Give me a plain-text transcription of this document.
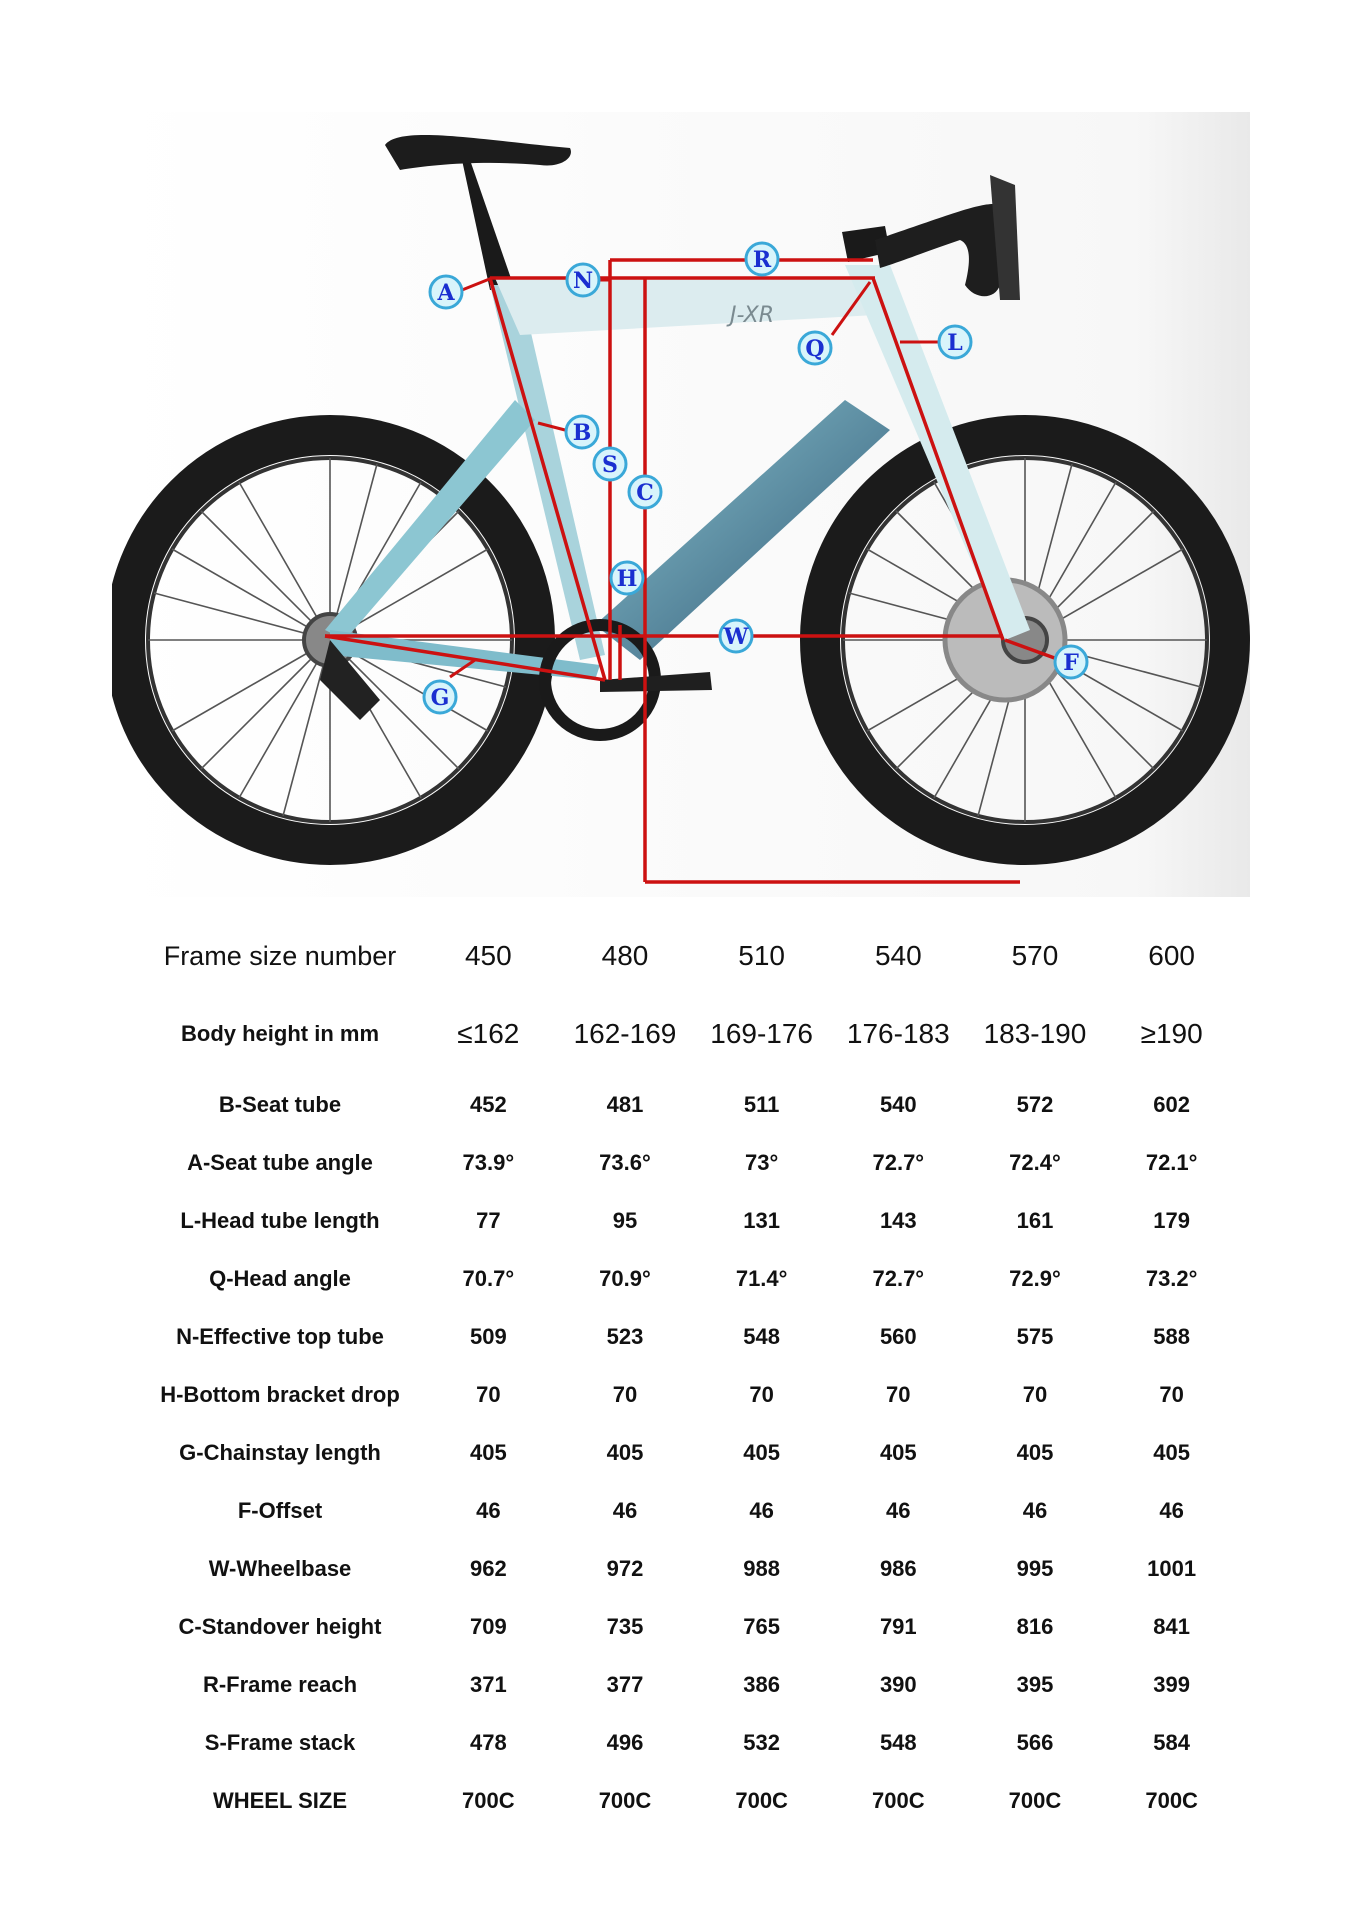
J-XR
A	N
R
Q	L
B
S
C
H
W
F
G
Frame size number	450	480	510	540	570	600
Body height in mm	≤162	162-169	169-176	176-183	183-190	≥190
B-Seat tube	452	481	511	540	572	602
A-Seat tube angle	73.9°	73.6°	73°	72.7°	72.4°	72.1°
L-Head tube length	77	95	131	143	161	179
Q-Head angle	70.7°	70.9°	71.4°	72.7°	72.9°	73.2°
N-Effective top tube	509	523	548	560	575	588
H-Bottom bracket drop	70	70	70	70	70	70
G-Chainstay length	405	405	405	405	405	405
F-Offset	46	46	46	46	46	46
W-Wheelbase	962	972	988	986	995	1001
C-Standover height	709	735	765	791	816	841
R-Frame reach	371	377	386	390	395	399
S-Frame stack	478	496	532	548	566	584
WHEEL SIZE	700C	700C	700C	700C	700C	700C
